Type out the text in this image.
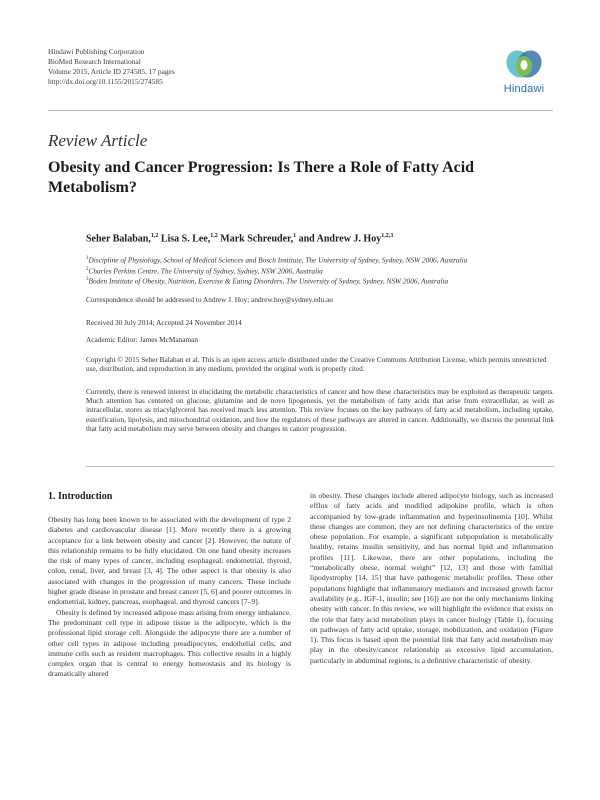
Hindawi Publishing Corporation
BioMed Research International
Volume 2015, Article ID 274585, 17 pages
http://dx.doi.org/10.1155/2015/274585
Hindawi
Review Article
Obesity and Cancer Progression: Is There a Role of Fatty Acid Metabolism?
Seher Balaban,$^{1,2}$ Lisa S. Lee,$^{1,2}$ Mark Schreuder,$^1$ and Andrew J. Hoy$^{1,2,3}$
$^1$Discipline of Physiology, School of Medical Sciences and Bosch Institute, The University of Sydney, Sydney, NSW 2006, Australia
$^2$Charles Perkins Centre, The University of Sydney, Sydney, NSW 2006, Australia
$^3$Boden Institute of Obesity, Nutrition, Exercise & Eating Disorders, The University of Sydney, Sydney, NSW 2006, Australia
Correspondence should be addressed to Andrew J. Hoy; andrew.hoy@sydney.edu.au
Received 30 July 2014; Accepted 24 November 2014
Academic Editor: James McManaman
Copyright © 2015 Seher Balaban et al. This is an open access article distributed under the Creative Commons Attribution License, which permits unrestricted use, distribution, and reproduction in any medium, provided the original work is properly cited.
Currently, there is renewed interest in elucidating the metabolic characteristics of cancer and how these characteristics may be exploited as therapeutic targets. Much attention has centered on glucose, glutamine and de novo lipogenesis, yet the metabolism of fatty acids that arise from extracellular, as well as intracellular, stores as triacylglycerol has received much less attention. This review focuses on the key pathways of fatty acid metabolism, including uptake, esterification, lipolysis, and mitochondrial oxidation, and how the regulators of these pathways are altered in cancer. Additionally, we discuss the potential link that fatty acid metabolism may serve between obesity and changes in cancer progression.
1. Introduction

Obesity has long been known to be associated with the development of type 2 diabetes and cardiovascular disease [1]. More recently there is a growing acceptance for a link between obesity and cancer [2]. However, the nature of this relationship remains to be fully elucidated. On one hand obesity increases the risk of many types of cancer, including esophageal, endometrial, thyroid, colon, renal, liver, and breast [3, 4]. The other aspect is that obesity is also associated with changes in the progression of many cancers. These include higher grade disease in prostate and breast cancer [5, 6] and poorer outcomes in endometrial, kidney, pancreas, esophageal, and thyroid cancers [7–9].

Obesity is defined by increased adipose mass arising from energy imbalance. The predominant cell type in adipose tissue is the adipocyte, which is the professional lipid storage cell. Alongside the adipocyte there are a number of other cell types in adipose including preadipocytes, endothelial cells, and immune cells such as resident macrophages. This collective results in a highly complex organ that is central to energy homeostasis and its biology is dramatically altered

in obesity. These changes include altered adipocyte biology, such as increased efflux of fatty acids and modified adipokine profile, which is often accompanied by low-grade inflammation and hyperinsulinemia [10]. Whilst these changes are common, they are not defining characteristics of the entire obese population. For example, a significant subpopulation is metabolically healthy, retains insulin sensitivity, and has normal lipid and inflammation profiles [11]. Likewise, there are other populations, including the “metabolically obese, normal weight” [12, 13] and those with familial lipodystrophy [14, 15] that have pathogenic metabolic profiles. These other populations highlight that inflammatory mediators and increased growth factor availability (e.g., IGF-1, insulin; see [16]) are not the only mechanisms linking obesity with cancer. In this review, we will highlight the evidence that exists on the role that fatty acid metabolism plays in cancer biology (Table 1), focusing on pathways of fatty acid uptake, storage, mobilization, and oxidation (Figure 1). This focus is based upon the potential link that fatty acid metabolism may play in the obesity/cancer relationship as excessive lipid accumulation, particularly in abdominal regions, is a definitive characteristic of obesity.
